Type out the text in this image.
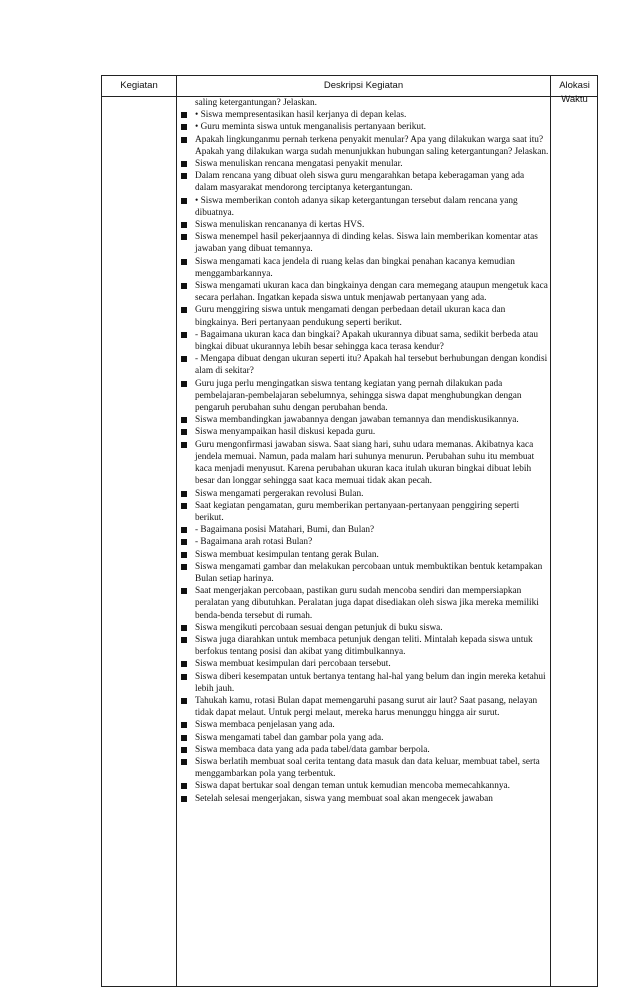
Kegiatan	Deskripsi Kegiatan	Alokasi
Waktu

saling ketergantungan? Jelaskan.

• Siswa mempresentasikan hasil kerjanya di depan kelas.
• Guru meminta siswa untuk menganalisis pertanyaan berikut.
Apakah lingkunganmu pernah terkena penyakit menular? Apa yang dilakukan warga saat itu? Apakah yang dilakukan warga sudah menunjukkan hubungan saling ketergantungan? Jelaskan.
Siswa menuliskan rencana mengatasi penyakit menular.
Dalam rencana yang dibuat oleh siswa guru mengarahkan betapa keberagaman yang ada dalam masyarakat mendorong terciptanya ketergantungan.
• Siswa memberikan contoh adanya sikap ketergantungan tersebut dalam rencana yang dibuatnya.
Siswa menuliskan rencananya di kertas HVS.
Siswa menempel hasil pekerjaannya di dinding kelas. Siswa lain memberikan komentar atas jawaban yang dibuat temannya.
Siswa mengamati kaca jendela di ruang kelas dan bingkai penahan kacanya kemudian menggambarkannya.
Siswa mengamati ukuran kaca dan bingkainya dengan cara memegang ataupun mengetuk kaca secara perlahan. Ingatkan kepada siswa untuk menjawab pertanyaan yang ada.
Guru menggiring siswa untuk mengamati dengan perbedaan detail ukuran kaca dan bingkainya. Beri pertanyaan pendukung seperti berikut.
- Bagaimana ukuran kaca dan bingkai? Apakah ukurannya dibuat sama, sedikit berbeda atau bingkai dibuat ukurannya lebih besar sehingga kaca terasa kendur?
- Mengapa dibuat dengan ukuran seperti itu? Apakah hal tersebut berhubungan dengan kondisi alam di sekitar?
Guru juga perlu mengingatkan siswa tentang kegiatan yang pernah dilakukan pada pembelajaran-pembelajaran sebelumnya, sehingga siswa dapat menghubungkan dengan pengaruh perubahan suhu dengan perubahan benda.
Siswa membandingkan jawabannya dengan jawaban temannya dan mendiskusikannya.
Siswa menyampaikan hasil diskusi kepada guru.
Guru mengonfirmasi jawaban siswa. Saat siang hari, suhu udara memanas. Akibatnya kaca jendela memuai. Namun, pada malam hari suhunya menurun. Perubahan suhu itu membuat kaca menjadi menyusut. Karena perubahan ukuran kaca itulah ukuran bingkai dibuat lebih besar dan longgar sehingga saat kaca memuai tidak akan pecah.
Siswa mengamati pergerakan revolusi Bulan.
Saat kegiatan pengamatan, guru memberikan pertanyaan-pertanyaan penggiring seperti berikut.
- Bagaimana posisi Matahari, Bumi, dan Bulan?
- Bagaimana arah rotasi Bulan?
Siswa membuat kesimpulan tentang gerak Bulan.
Siswa mengamati gambar dan melakukan percobaan untuk membuktikan bentuk ketampakan Bulan setiap harinya.
Saat mengerjakan percobaan, pastikan guru sudah mencoba sendiri dan mempersiapkan peralatan yang dibutuhkan. Peralatan juga dapat disediakan oleh siswa jika mereka memiliki benda-benda tersebut di rumah.
Siswa mengikuti percobaan sesuai dengan petunjuk di buku siswa.
Siswa juga diarahkan untuk membaca petunjuk dengan teliti. Mintalah kepada siswa untuk berfokus tentang posisi dan akibat yang ditimbulkannya.
Siswa membuat kesimpulan dari percobaan tersebut.
Siswa diberi kesempatan untuk bertanya tentang hal-hal yang belum dan ingin mereka ketahui lebih jauh.
Tahukah kamu, rotasi Bulan dapat memengaruhi pasang surut air laut? Saat pasang, nelayan tidak dapat melaut. Untuk pergi melaut, mereka harus menunggu hingga air surut.
Siswa membaca penjelasan yang ada.
Siswa mengamati tabel dan gambar pola yang ada.
Siswa membaca data yang ada pada tabel/data gambar berpola.
Siswa berlatih membuat soal cerita tentang data masuk dan data keluar, membuat tabel, serta menggambarkan pola yang terbentuk.
Siswa dapat bertukar soal dengan teman untuk kemudian mencoba memecahkannya.
Setelah selesai mengerjakan, siswa yang membuat soal akan mengecek jawaban
